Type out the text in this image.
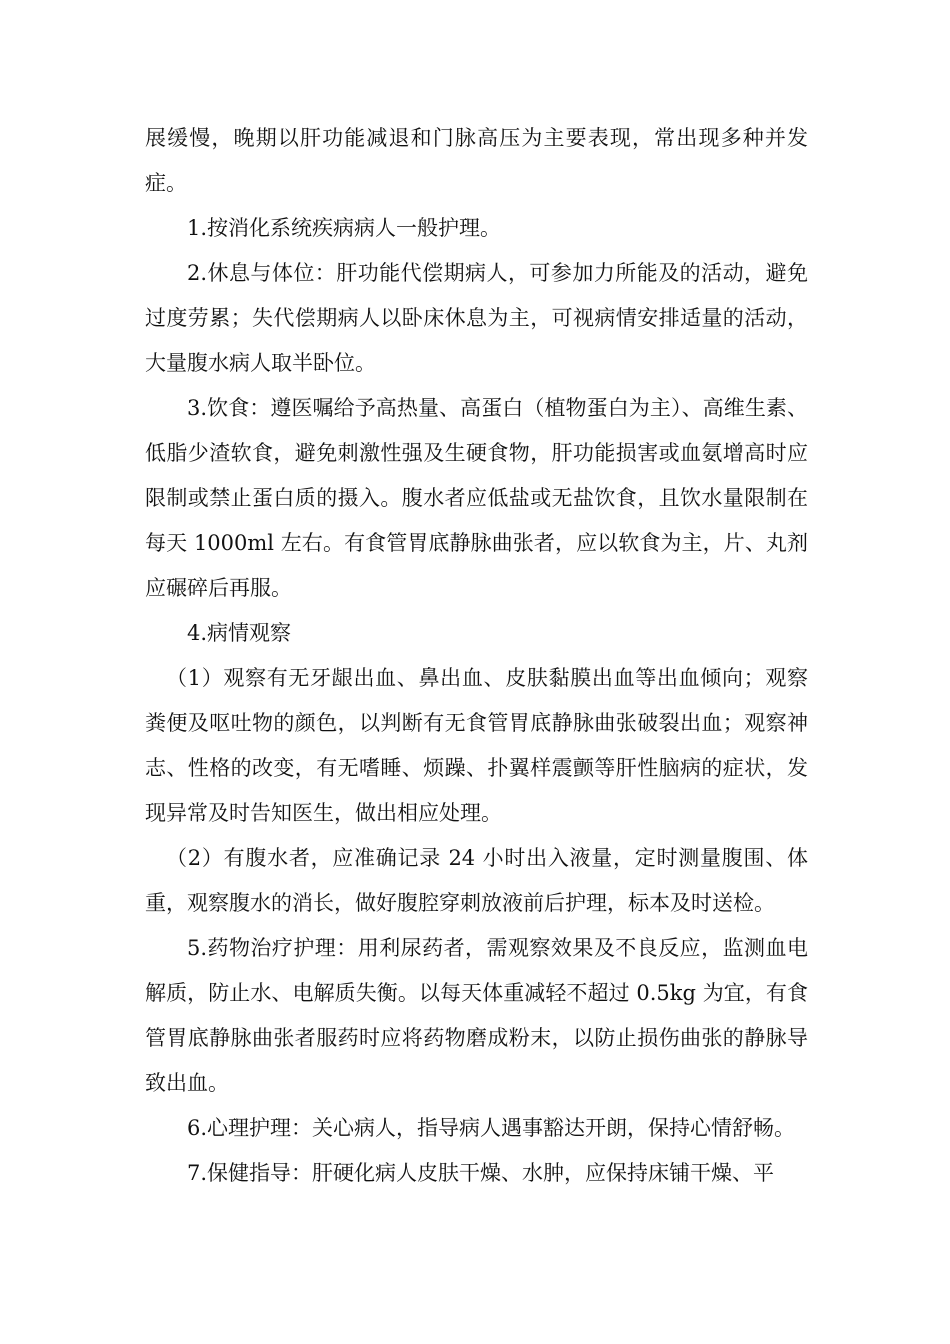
展缓慢，晚期以肝功能减退和门脉高压为主要表现，常出现多种并发症。

1.按消化系统疾病病人一般护理。

2.休息与体位：肝功能代偿期病人，可参加力所能及的活动，避免过度劳累；失代偿期病人以卧床休息为主，可视病情安排适量的活动，大量腹水病人取半卧位。

3.饮食：遵医嘱给予高热量、高蛋白（植物蛋白为主）、高维生素、低脂少渣软食，避免刺激性强及生硬食物，肝功能损害或血氨增高时应限制或禁止蛋白质的摄入。腹水者应低盐或无盐饮食，且饮水量限制在每天 1000ml 左右。有食管胃底静脉曲张者，应以软食为主，片、丸剂应碾碎后再服。

4.病情观察

（1）观察有无牙龈出血、鼻出血、皮肤黏膜出血等出血倾向；观察粪便及呕吐物的颜色，以判断有无食管胃底静脉曲张破裂出血；观察神志、性格的改变，有无嗜睡、烦躁、扑翼样震颤等肝性脑病的症状，发现异常及时告知医生，做出相应处理。

（2）有腹水者，应准确记录 24 小时出入液量，定时测量腹围、体重，观察腹水的消长，做好腹腔穿刺放液前后护理，标本及时送检。

5.药物治疗护理：用利尿药者，需观察效果及不良反应，监测血电解质，防止水、电解质失衡。以每天体重减轻不超过 0.5kg 为宜，有食管胃底静脉曲张者服药时应将药物磨成粉末，以防止损伤曲张的静脉导致出血。

6.心理护理：关心病人，指导病人遇事豁达开朗，保持心情舒畅。

7.保健指导：肝硬化病人皮肤干燥、水肿，应保持床铺干燥、平
